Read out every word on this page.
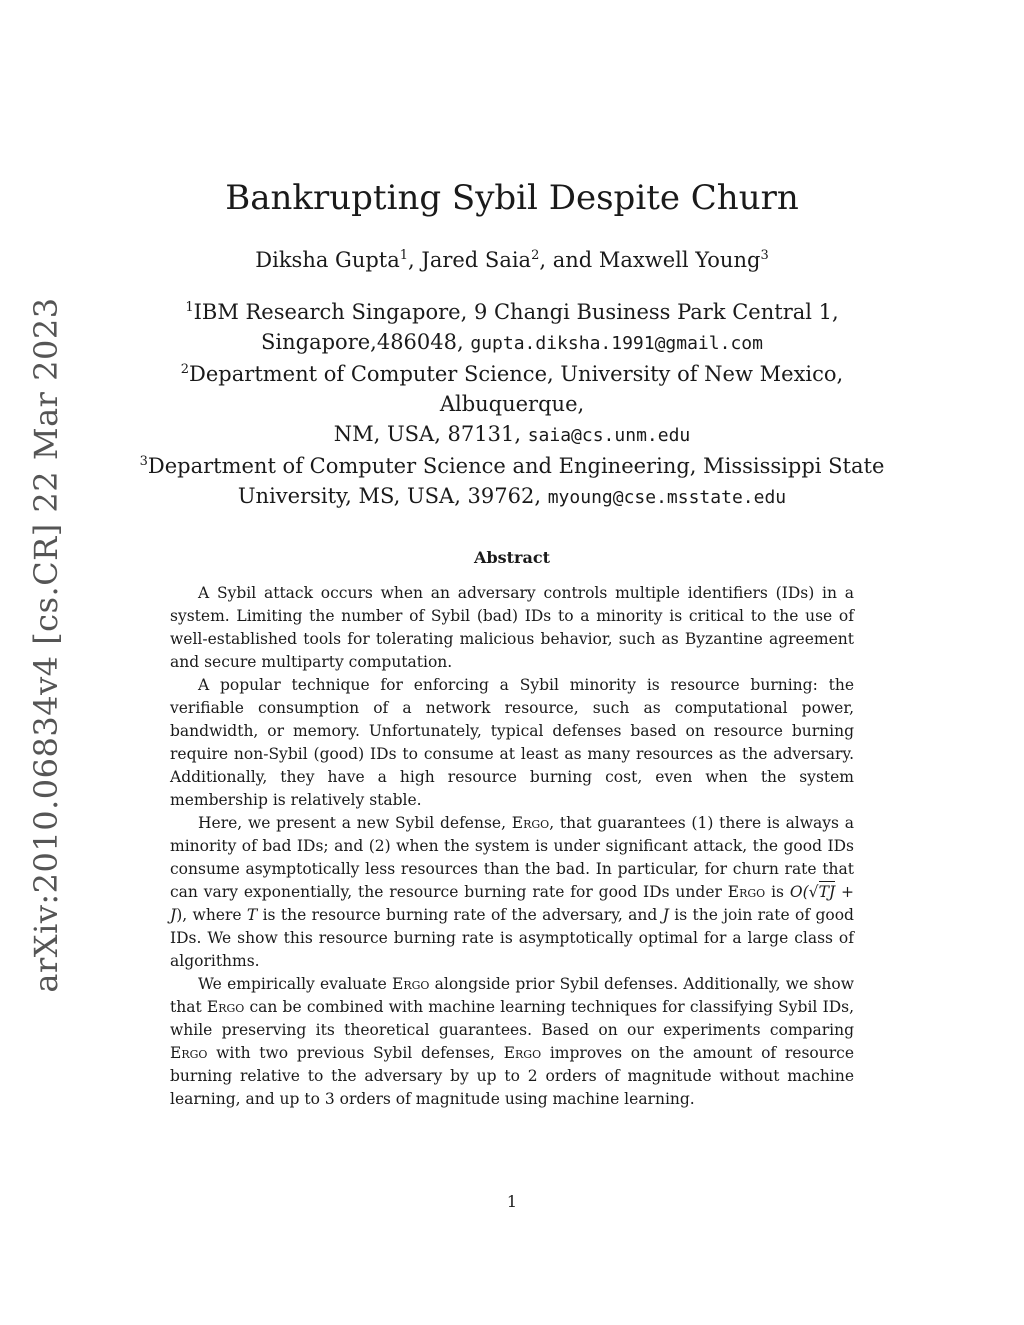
arXiv:2010.06834v4 [cs.CR] 22 Mar 2023
Bankrupting Sybil Despite Churn
Diksha Gupta$^1$, Jared Saia$^2$, and Maxwell Young$^3$

$^1$IBM Research Singapore, 9 Changi Business Park Central 1,
Singapore,486048, gupta.diksha.1991@gmail.com

$^2$Department of Computer Science, University of New Mexico, Albuquerque,
NM, USA, 87131, saia@cs.unm.edu

$^3$Department of Computer Science and Engineering, Mississippi State
University, MS, USA, 39762, myoung@cse.msstate.edu

Abstract

A Sybil attack occurs when an adversary controls multiple identifiers (IDs) in a system. Limiting the number of Sybil (bad) IDs to a minority is critical to the use of well-established tools for tolerating malicious behavior, such as Byzantine agreement and secure multiparty computation.

A popular technique for enforcing a Sybil minority is resource burning: the verifiable consumption of a network resource, such as computational power, bandwidth, or memory. Unfortunately, typical defenses based on resource burning require non-Sybil (good) IDs to consume at least as many resources as the adversary. Additionally, they have a high resource burning cost, even when the system membership is relatively stable.

Here, we present a new Sybil defense, Ergo, that guarantees (1) there is always a minority of bad IDs; and (2) when the system is under significant attack, the good IDs consume asymptotically less resources than the bad. In particular, for churn rate that can vary exponentially, the resource burning rate for good IDs under Ergo is O(√TJ + J), where T is the resource burning rate of the adversary, and J is the join rate of good IDs. We show this resource burning rate is asymptotically optimal for a large class of algorithms.

We empirically evaluate Ergo alongside prior Sybil defenses. Additionally, we show that Ergo can be combined with machine learning techniques for classifying Sybil IDs, while preserving its theoretical guarantees. Based on our experiments comparing Ergo with two previous Sybil defenses, Ergo improves on the amount of resource burning relative to the adversary by up to 2 orders of magnitude without machine learning, and up to 3 orders of magnitude using machine learning.

1
